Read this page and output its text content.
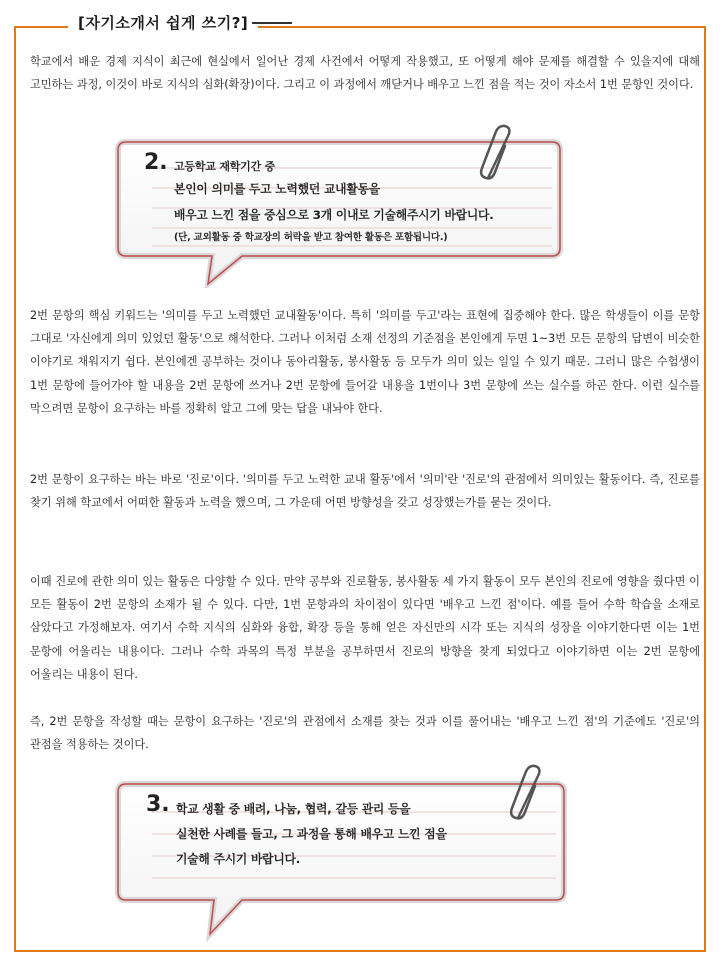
[자기소개서 쉽게 쓰기?]
학교에서 배운 경제 지식이 최근에 현실에서 일어난 경제 사건에서 어떻게 작용했고, 또 어떻게 해야 문제를 해결할 수 있을지에 대해 고민하는 과정, 이것이 바로 지식의 심화(확장)이다. 그리고 이 과정에서 깨닫거나 배우고 느낀 점을 적는 것이 자소서 1번 문항인 것이다.
2. 고등학교 재학기간 중
본인이 의미를 두고 노력했던 교내활동을
배우고 느낀 점을 중심으로 3개 이내로 기술해주시기 바랍니다.
(단, 교외활동 중 학교장의 허락을 받고 참여한 활동은 포함됩니다.)
2번 문항의 핵심 키워드는 '의미를 두고 노력했던 교내활동'이다. 특히 '의미를 두고'라는 표현에 집중해야 한다. 많은 학생들이 이를 문항 그대로 '자신에게 의미 있었던 활동'으로 해석한다. 그러나 이처럼 소재 선정의 기준점을 본인에게 두면 1~3번 모든 문항의 답변이 비슷한 이야기로 채워지기 쉽다. 본인에겐 공부하는 것이나 동아리활동, 봉사활동 등 모두가 의미 있는 일일 수 있기 때문. 그러니 많은 수험생이 1번 문항에 들어가야 할 내용을 2번 문항에 쓰거나 2번 문항에 들어갈 내용을 1번이나 3번 문항에 쓰는 실수를 하곤 한다. 이런 실수를 막으려면 문항이 요구하는 바를 정확히 알고 그에 맞는 답을 내놔야 한다.
2번 문항이 요구하는 바는 바로 '진로'이다. '의미를 두고 노력한 교내 활동'에서 '의미'란 '진로'의 관점에서 의미있는 활동이다. 즉, 진로를 찾기 위해 학교에서 어떠한 활동과 노력을 했으며, 그 가운데 어떤 방향성을 갖고 성장했는가를 묻는 것이다.
이때 진로에 관한 의미 있는 활동은 다양할 수 있다. 만약 공부와 진로활동, 봉사활동 세 가지 활동이 모두 본인의 진로에 영향을 줬다면 이 모든 활동이 2번 문항의 소재가 될 수 있다. 다만, 1번 문항과의 차이점이 있다면 '배우고 느낀 점'이다. 예를 들어 수학 학습을 소재로 삼았다고 가정해보자. 여기서 수학 지식의 심화와 융합, 확장 등을 통해 얻은 자신만의 시각 또는 지식의 성장을 이야기한다면 이는 1번 문항에 어울리는 내용이다. 그러나 수학 과목의 특정 부분을 공부하면서 진로의 방향을 찾게 되었다고 이야기하면 이는 2번 문항에 어울리는 내용이 된다.
즉, 2번 문항을 작성할 때는 문항이 요구하는 '진로'의 관점에서 소재를 찾는 것과 이를 풀어내는 '배우고 느낀 점'의 기준에도 '진로'의 관점을 적용하는 것이다.
3. 학교 생활 중 배려, 나눔, 협력, 갈등 관리 등을
실천한 사례를 들고, 그 과정을 통해 배우고 느낀 점을
기술해 주시기 바랍니다.
